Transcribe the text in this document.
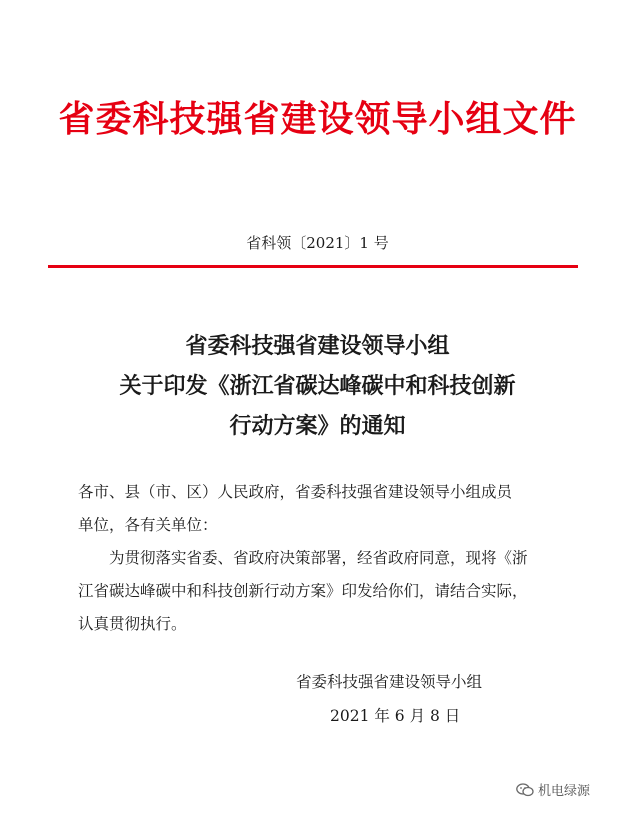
省委科技强省建设领导小组文件
省科领〔2021〕1 号
省委科技强省建设领导小组
关于印发《浙江省碳达峰碳中和科技创新
行动方案》的通知

各市、县（市、区）人民政府，省委科技强省建设领导小组成员

单位，各有关单位：

为贯彻落实省委、省政府决策部署，经省政府同意，现将《浙

江省碳达峰碳中和科技创新行动方案》印发给你们，请结合实际，

认真贯彻执行。

省委科技强省建设领导小组
2021 年 6 月 8 日
机电绿源
